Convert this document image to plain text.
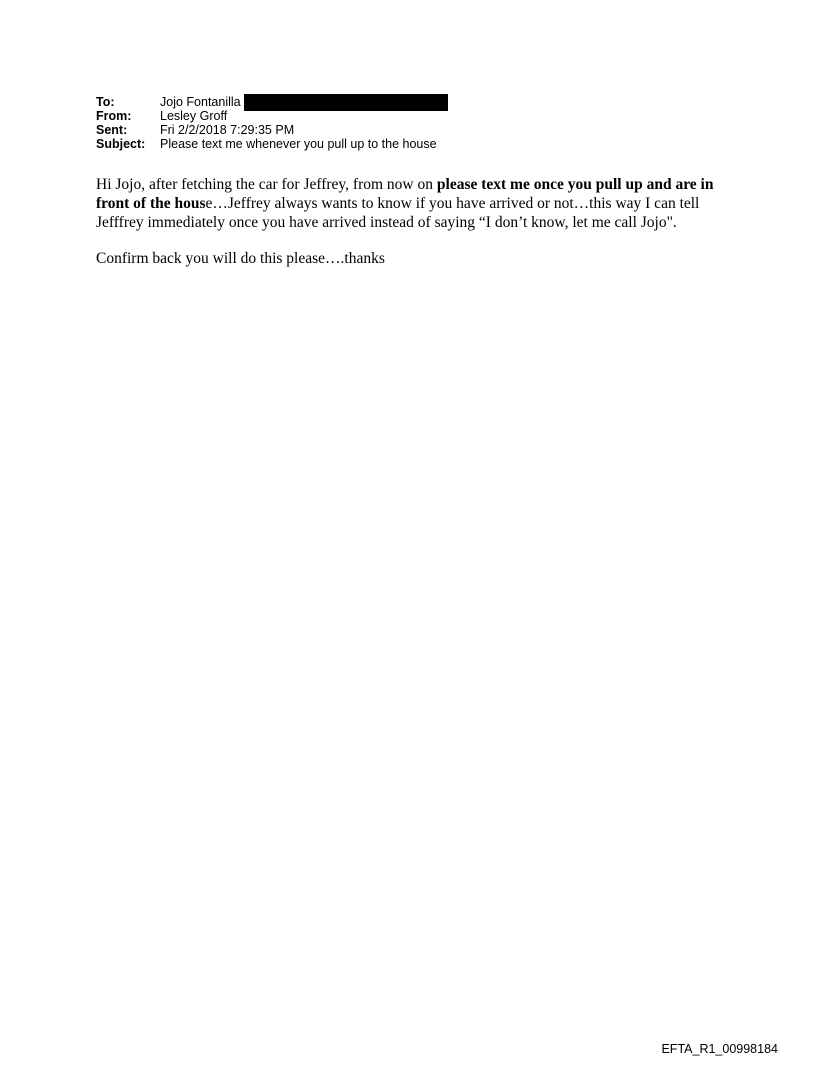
To:	Jojo Fontanilla
From:	Lesley Groff
Sent:	Fri 2/2/2018 7:29:35 PM
Subject:	Please text me whenever you pull up to the house

Hi Jojo, after fetching the car for Jeffrey, from now on please text me once you pull up and are in front of the house…Jeffrey always wants to know if you have arrived or not…this way I can tell Jefffrey immediately once you have arrived instead of saying “I don’t know, let me call Jojo".

Confirm back you will do this please….thanks

EFTA_R1_00998184
